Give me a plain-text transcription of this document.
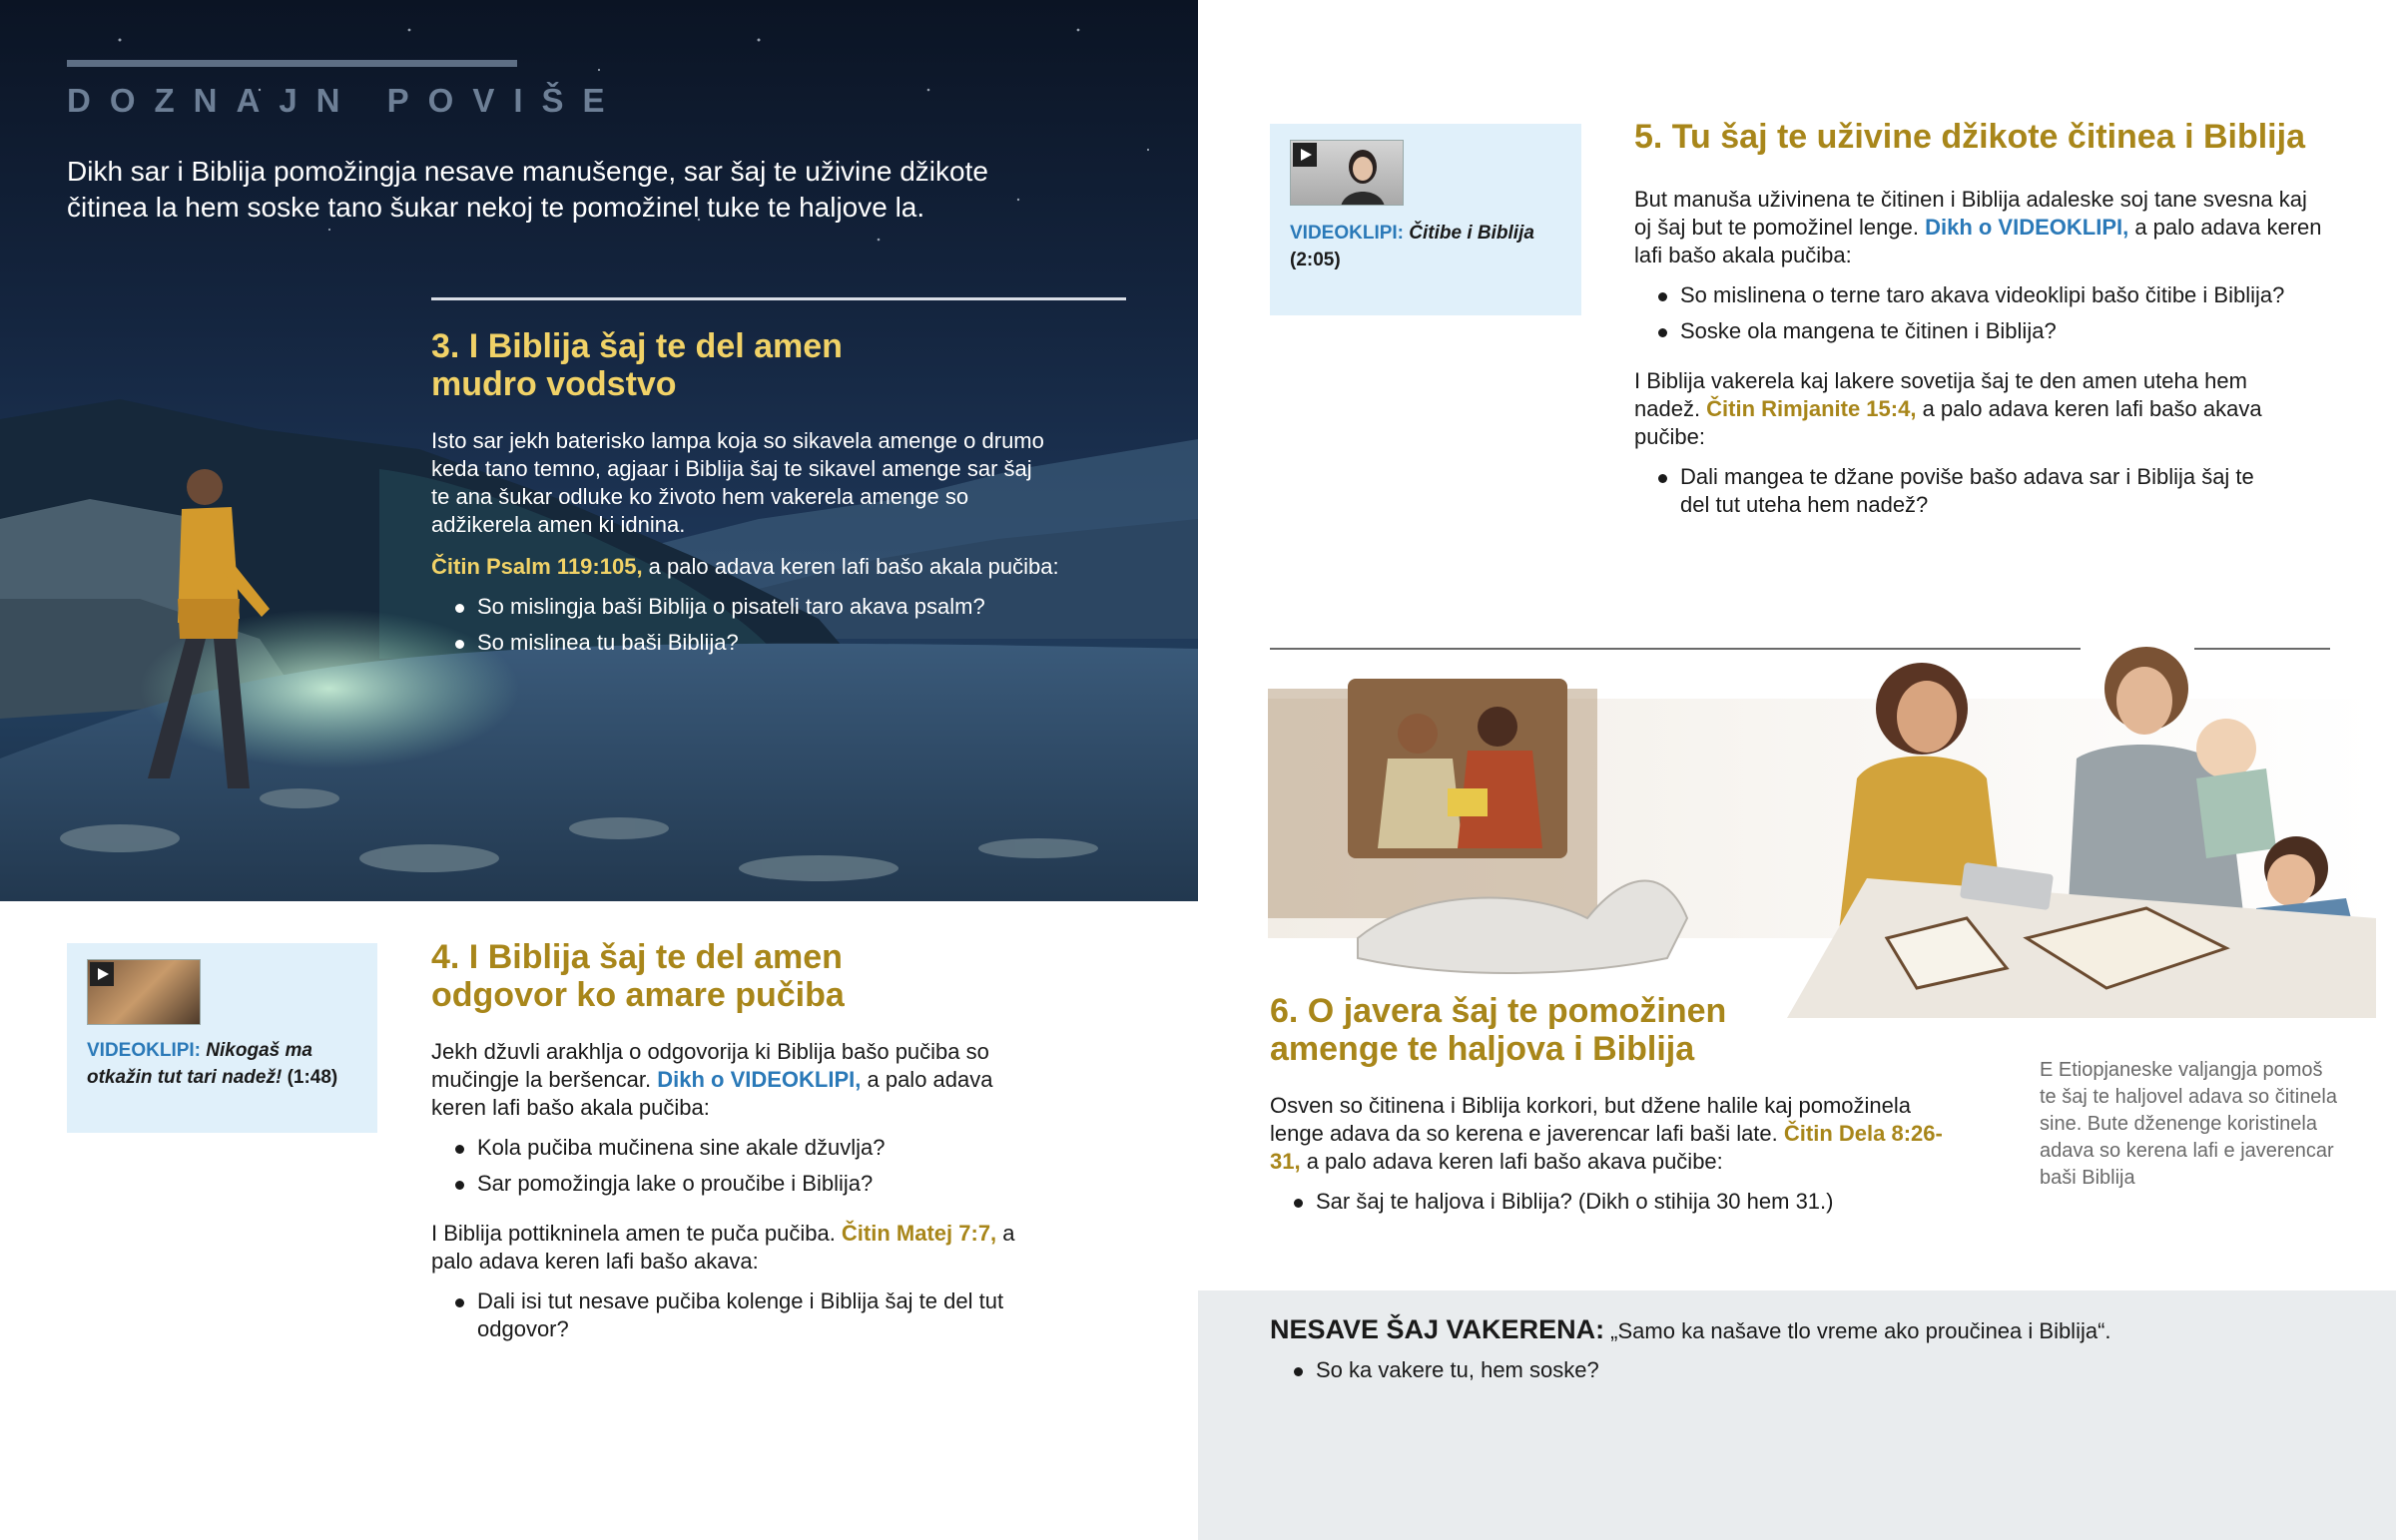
DOZNAJN POVIŠE
Dikh sar i Biblija pomožingja nesave manušenge, sar šaj te uživine džikote čitinea la hem soske tano šukar nekoj te pomožinel tuke te haljove la.
3. I Biblija šaj te del amen
mudro vodstvo

Isto sar jekh baterisko lampa koja so sikavela amenge o drumo keda tano temno, agjaar i Biblija šaj te sikavel amenge sar šaj te ana šukar odluke ko životo hem vakerela amenge so adžikerela amen ki idnina.

Čitin Psalm 119:105, a palo adava keren lafi bašo akala pučiba:

So mislingja baši Biblija o pisateli taro akava psalm?
So mislinea tu baši Biblija?
VIDEOKLIPI: Nikogaš ma otkažin tut tari nadež! (1:48)
4. I Biblija šaj te del amen
odgovor ko amare pučiba

Jekh džuvli arakhlja o odgovorija ki Biblija bašo pučiba so mučingje la beršencar. Dikh o VIDEOKLIPI, a palo adava keren lafi bašo akala pučiba:

Kola pučiba mučinena sine akale džuvlja?
Sar pomožingja lake o proučibe i Biblija?

I Biblija pottikninela amen te puča pučiba. Čitin Matej 7:7, a palo adava keren lafi bašo akava:

Dali isi tut nesave pučiba kolenge i Biblija šaj te del tut odgovor?
VIDEOKLIPI: Čitibe i Biblija
(2:05)
5. Tu šaj te uživine džikote čitinea i Biblija

But manuša uživinena te čitinen i Biblija adaleske soj tane svesna kaj oj šaj but te pomožinel lenge. Dikh o VIDEOKLIPI, a palo adava keren lafi bašo akala pučiba:

So mislinena o terne taro akava videoklipi bašo čitibe i Biblija?
Soske ola mangena te čitinen i Biblija?

I Biblija vakerela kaj lakere sovetija šaj te den amen uteha hem nadež. Čitin Rimjanite 15:4, a palo adava keren lafi bašo akava pučibe:

Dali mangea te džane poviše bašo adava sar i Biblija šaj te del tut uteha hem nadež?
6. O javera šaj te pomožinen
amenge te haljova i Biblija

Osven so čitinena i Biblija korkori, but džene halile kaj pomožinela lenge adava da so kerena e javerencar lafi baši late. Čitin Dela 8:26-31, a palo adava keren lafi bašo akava pučibe:

Sar šaj te haljova i Biblija? (Dikh o stihija 30 hem 31.)
E Etiopjaneske valjangja pomoš te šaj te haljovel adava so čitinela sine. Bute dženenge koristinela adava so kerena lafi e javerencar baši Biblija

NESAVE ŠAJ VAKERENA: „Samo ka našave tlo vreme ako proučinea i Biblija“.

So ka vakere tu, hem soske?
